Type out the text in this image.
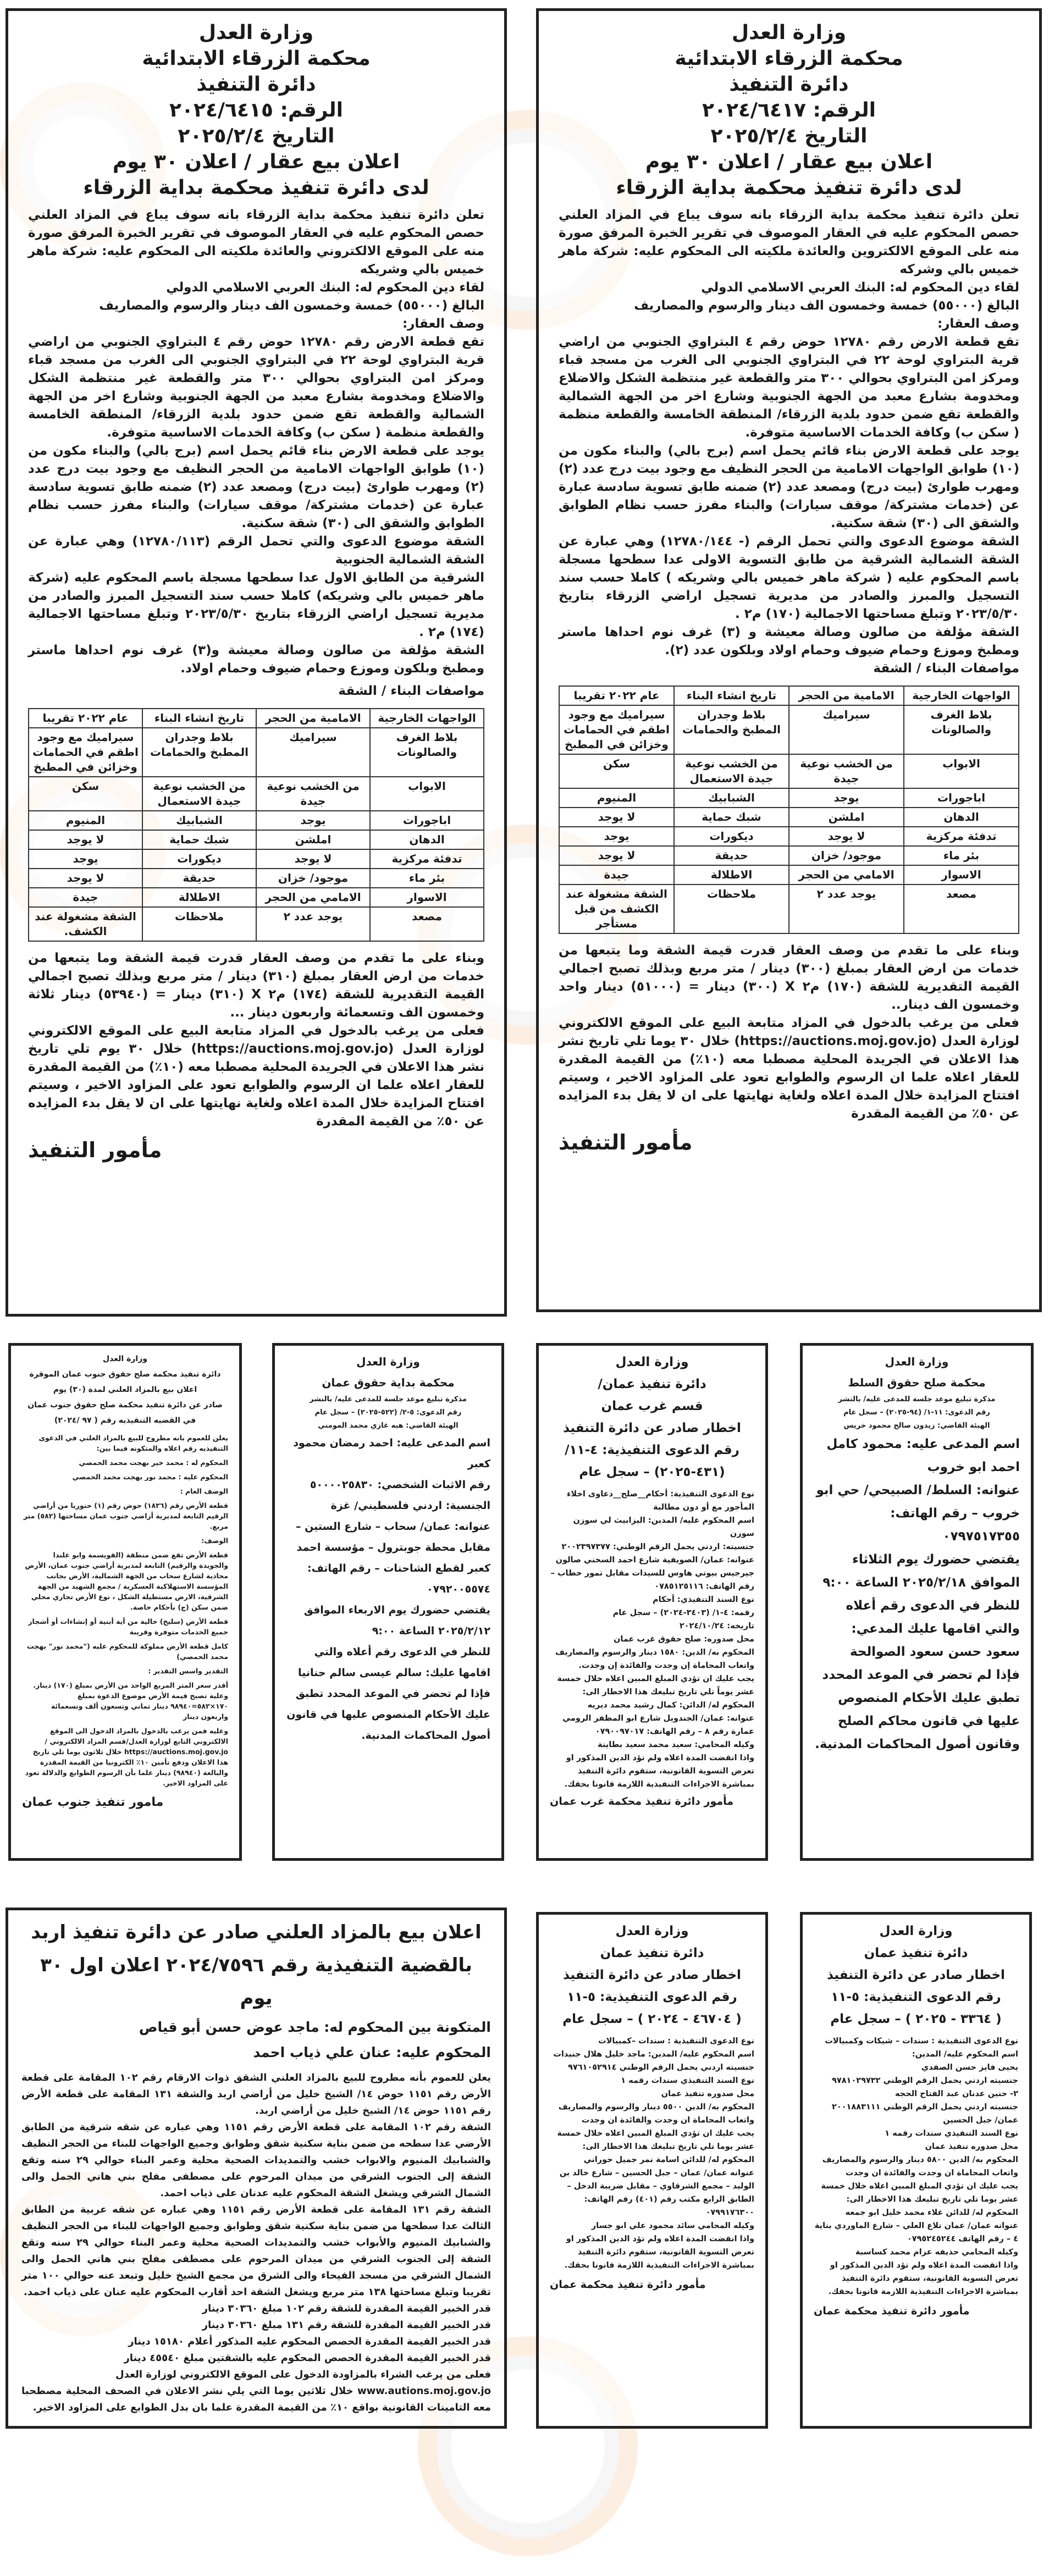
وزارة العدل
محكمة الزرقاء الابتدائية
دائرة التنفيذ
الرقم: ٢٠٢٤/٦٤١٧
التاريخ ٢٠٢٥/٢/٤
اعلان بيع عقار / اعلان ٣٠ يوم
لدى دائرة تنفيذ محكمة بداية الزرقاء
تعلن دائرة تنفيذ محكمة بداية الزرقاء بانه سوف يباع في المزاد العلني حصص المحكوم عليه في العقار الموصوف في تقرير الخبرة المرفق صورة منه على الموقع الالكتروين والعائدة ملكيته الى المحكوم عليه: شركة ماهر خميس بالي وشركه
لقاء دين المحكوم له: البنك العربي الاسلامي الدولي
البالغ (٥٥٠٠٠) خمسة وخمسون الف دينار والرسوم والمصاريف
وصف العقار:
تقع قطعة الارض رقم ١٢٧٨٠ حوض رقم ٤ البتراوي الجنوبي من اراضي قرية البتراوي لوحة ٢٢ في البتراوي الجنوبي الى الغرب من مسجد قباء ومركز امن البتراوي بحوالي ٣٠٠ متر والقطعة غير منتظمة الشكل والاضلاع ومخدومة بشارع معبد من الجهة الجنوبية وشارع اخر من الجهة الشمالية والقطعة تقع ضمن حدود بلدية الزرقاء/ المنطقة الخامسة والقطعة منظمة ( سكن ب) وكافة الخدمات الاساسية متوفرة.
يوجد على قطعة الارض بناء قائم يحمل اسم (برج بالي) والبناء مكون من (١٠) طوابق الواجهات الامامية من الحجر النظيف مع وجود بيت درج عدد (٢) ومهرب طوارئ (بيت درج) ومصعد عدد (٢) ضمنه طابق تسوية سادسة عبارة عن (خدمات مشتركة/ موقف سيارات) والبناء مفرز حسب نظام الطوابق والشقق الى (٣٠) شقة سكنية.
الشقة موضوع الدعوى والتي تحمل الرقم (- ١٢٧٨٠/١٤٤) وهي عبارة عن الشقة الشمالية الشرقية من طابق التسوية الاولى عدا سطحها مسجلة باسم المحكوم عليه ( شركة ماهر خميس بالي وشريكه ) كاملا حسب سند التسجيل والمبرز والصادر من مديرية تسجيل اراضي الزرقاء بتاريخ ٢٠٢٣/٥/٣٠ وتبلغ مساحتها الاجمالية (١٧٠) م٢ .
الشقة مؤلفة من صالون وصالة معيشة و (٣) غرف نوم احداها ماستر ومطبخ وموزع وحمام ضيوف وحمام اولاد وبلكون عدد (٢).
مواصفات البناء / الشقة
الواجهات الخارجية	الامامية من الحجر	تاريخ انشاء البناء	عام ٢٠٢٢ تقريبا
بلاط الغرف والصالونات	سيراميك	بلاط وجدران المطبخ والحمامات	سيراميك مع وجود اطقم في الحمامات وخزائن في المطبخ
الابواب	من الخشب نوعية جيدة	من الخشب نوعية جيدة الاستعمال	سكن
اباجورات	يوجد	الشبابيك	المنيوم
الدهان	املشن	شبك حماية	لا يوجد
تدفئة مركزية	لا يوجد	ديكورات	يوجد
بئر ماء	موجود/ خزان	حديقة	لا يوجد
الاسوار	الامامي من الحجر	الاطلالة	جيدة
مصعد	يوجد عدد ٢	ملاحظات	الشقة مشغولة عند الكشف من قبل مستأجر
وبناء على ما تقدم من وصف العقار قدرت قيمة الشقة وما يتبعها من خدمات من ارض العقار بمبلغ (٣٠٠) دينار / متر مربع وبذلك تصبح اجمالي القيمة التقديرية للشقة (١٧٠) م٢ X (٣٠٠) دينار = (٥١٠٠٠) دينار واحد وخمسون الف دينار..
فعلى من يرغب بالدخول في المزاد متابعة البيع على الموقع الالكتروني لوزارة العدل (https://auctions.moj.gov.jo) خلال ٣٠ يوما تلي تاريخ نشر هذا الاعلان في الجريدة المحلية مصطبا معه (١٠٪) من القيمة المقدرة للعقار اعلاه علما ان الرسوم والطوابع تعود على المزاود الاخير ، وسيتم افتتاح المزايدة خلال المدة اعلاه ولغاية نهايتها على ان لا يقل بدء المزايده عن ٥٠٪ من القيمة المقدرة
مأمور التنفيذ
وزارة العدل
محكمة الزرقاء الابتدائية
دائرة التنفيذ
الرقم: ٢٠٢٤/٦٤١٥
التاريخ ٢٠٢٥/٢/٤
اعلان بيع عقار / اعلان ٣٠ يوم
لدى دائرة تنفيذ محكمة بداية الزرقاء
تعلن دائرة تنفيذ محكمة بداية الزرقاء بانه سوف يباع في المزاد العلني حصص المحكوم عليه في العقار الموصوف في تقرير الخبرة المرفق صورة منه على الموقع الالكتروني والعائدة ملكيته الى المحكوم عليه: شركة ماهر خميس بالي وشريكه
لقاء دين المحكوم له: البنك العربي الاسلامي الدولي
البالغ (٥٥٠٠٠) خمسة وخمسون الف دينار والرسوم والمصاريف
وصف العقار:
تقع قطعة الارض رقم ١٢٧٨٠ حوض رقم ٤ البتراوي الجنوبي من اراضي قرية البتراوي لوحة ٢٢ في البتراوي الجنوبي الى الغرب من مسجد قباء ومركز امن البتراوي بحوالي ٣٠٠ متر والقطعة غير منتظمة الشكل والاضلاع ومخدومة بشارع معبد من الجهة الجنوبية وشارع اخر من الجهة الشمالية والقطعة تقع ضمن حدود بلدية الزرقاء/ المنطقة الخامسة والقطعة منظمة ( سكن ب) وكافة الخدمات الاساسية متوفرة.
يوجد على قطعة الارض بناء قائم يحمل اسم (برج بالي) والبناء مكون من (١٠) طوابق الواجهات الامامية من الحجر النظيف مع وجود بيت درج عدد (٢) ومهرب طوارئ (بيت درج) ومصعد عدد (٢) ضمنه طابق تسوية سادسة عبارة عن (خدمات مشتركة/ موقف سيارات) والبناء مفرز حسب نظام الطوابق والشقق الى (٣٠) شقة سكنية.
الشقة موضوع الدعوى والتي تحمل الرقم (١٢٧٨٠/١١٣) وهي عبارة عن الشقة الشمالية الجنوبية
الشرقية من الطابق الاول عدا سطحها مسجلة باسم المحكوم عليه (شركة ماهر خميس بالي وشريكه) كاملا حسب سند التسجيل المبرز والصادر من مديرية تسجيل اراضي الزرقاء بتاريخ ٢٠٢٣/٥/٣٠ وتبلغ مساحتها الاجمالية (١٧٤) م٢ .
الشقة مؤلفة من صالون وصالة معيشة و(٣) غرف نوم احداها ماستر ومطبخ وبلكون وموزع وحمام ضيوف وحمام اولاد.
مواصفات البناء / الشقة
الواجهات الخارجية	الامامية من الحجر	تاريخ انشاء البناء	عام ٢٠٢٢ تقريبا
بلاط الغرف والصالونات	سيراميك	بلاط وجدران المطبخ والحمامات	سيراميك مع وجود اطقم في الحمامات وخزائن في المطبخ
الابواب	من الخشب نوعية جيدة	من الخشب نوعية جيدة الاستعمال	سكن
اباجورات	يوجد	الشبابيك	المنيوم
الدهان	املشن	شبك حماية	لا يوجد
تدفئة مركزية	لا يوجد	ديكورات	يوجد
بئر ماء	موجود/ خزان	حديقة	لا يوجد
الاسوار	الامامي من الحجر	الاطلالة	جيدة
مصعد	يوجد عدد ٢	ملاحظات	الشقة مشغولة عند الكشف.
وبناء على ما تقدم من وصف العقار قدرت قيمة الشقة وما يتبعها من خدمات من ارض العقار بمبلغ (٣١٠) دينار / متر مربع وبذلك تصبح اجمالي القيمة التقديرية للشقة (١٧٤) م٢ X (٣١٠) دينار = (٥٣٩٤٠) دينار ثلاثة وخمسون الف وتسعمائة واربعون دينار ...
فعلى من يرغب بالدخول في المزاد متابعة البيع على الموقع الالكتروني لوزارة العدل (https://auctions.moj.gov.jo) خلال ٣٠ يوم تلي تاريخ نشر هذا الاعلان في الجريدة المحلية مصطبا معه (١٠٪) من القيمة المقدرة للعقار اعلاه علما ان الرسوم والطوابع تعود على المزاود الاخير ، وسيتم افتتاح المزايدة خلال المدة اعلاه ولغاية نهايتها على ان لا يقل بدء المزايده عن ٥٠٪ من القيمة المقدرة
مأمور التنفيذ
وزارة العدل
محكمة صلح حقوق السلط
مذكرة تبليغ موعد جلسة للمدعى عليه/ بالنشر
رقم الدعوى: ١١-١/ (٩٤-٢٠٢٥) – سجل عام
الهيئة القاضي: زيدون صالح محمود خريس
اسم المدعى عليه: محمود كامل احمد ابو خروب
عنوانه: السلط/ الصبيحي/ حي ابو خروب – رقم الهاتف: ٠٧٩٧٥١٧٣٥٥
يقتضي حضورك يوم الثلاثاء الموافق ٢٠٢٥/٢/١٨ الساعة ٩:٠٠ للنظر في الدعوى رقم أعلاه والتي اقامها عليك المدعي: سعود حسن سعود الصوالحة
فإذا لم تحضر في الموعد المحدد تطبق عليك الأحكام المنصوص عليها في قانون محاكم الصلح وقانون أصول المحاكمات المدنية.
وزارة العدل
دائرة تنفيذ عمان/
قسم غرب عمان
اخطار صادر عن دائرة التنفيذ
رقم الدعوى التنفيذية: ٤-١١/
(٤٣١-٢٠٢٥) – سجل عام
نوع الدعوى التنفيذية: أحكام__صلح__دعاوى اخلاء المأجور مع أو دون مطالبة
اسم المحكوم عليه/ المدين: اليزابيث لي سوزن سوزن
جنسيته: اردني يحمل الرقم الوطني: ٢٠٠٢٣٩٧٣٧٧
عنوانه: عمان/ الصويفية شارع احمد السخني صالون جيرجيس بيوتي هاوس للسيدات مقابل تمور خطاب – رقم الهاتف: ٠٧٨٥١٢٥١١٦
نوع السند التنفيذي: أحكام
رقمه: ٤-١/ (٣٤٠٣-٢٠٢٤) – سجل عام
تاريخه: ٢٠٢٤/١٠/٢٤
محل صدوره: صلح حقوق غرب عمان
المحكوم به/ الدين: ١٥٨٠ دينار والرسوم والمصاريف واتعاب المحاماة إن وجدت والفائدة إن وجدت.
يجب عليك ان تؤدي المبلغ المبين اعلاه خلال خمسة عشر يوماً تلي تاريخ تبليغك هذا الاخطار الى:
المحكوم له/ الدائن: كمال رشيد محمد ديريه
عنوانه: عمان/ الجندويل شارع ابو المظفر الرومي عمارة رقم ٨ – رقم الهاتف: ٠٧٩٠٠٩٧٠١٧
وكيله المحامي: سعيد محمد سعيد بطاينة
واذا انقضت المدة اعلاه ولم تؤد الدين المذكور او تعرض التسوية القانونية، ستقوم دائرة التنفيذ بمباشرة الاجراءات التنفيذية اللازمة قانونا بحقك.
مأمور دائرة تنفيذ محكمة غرب عمان
وزارة العدل
محكمة بداية حقوق عمان
مذكرة تبليغ موعد جلسة للمدعى عليه/ بالنشر
رقم الدعوى: ٥-٢/ (٥٢٢-٢٠٢٥) – سجل عام
الهيئة القاضي: هبه غازي محمد المومني
اسم المدعى عليه: احمد رمضان محمود كعبر
رقم الاثبات الشخصي: ٥٠٠٠٠٢٥٨٣٠
الجنسية: اردني فلسطيني/ غزة
عنوانه: عمان/ سحاب – شارع الستين – مقابل محطة جوبترول – مؤسسة احمد كعبر لقطع الشاحنات – رقم الهاتف: ٠٧٩٢٠٠٥٥٧٤
يقتضي حضورك يوم الاربعاء الموافق ٢٠٢٥/٢/١٢ الساعة ٩:٠٠
للنظر في الدعوى رقم أعلاه والتي اقامها عليك: سالم عيسى سالم حنانيا
فإذا لم تحضر في الموعد المحدد تطبق عليك الأحكام المنصوص عليها في قانون أصول المحاكمات المدنية.
وزارة العدل
دائرة تنفيذ محكمة صلح حقوق جنوب عمان الموقرة
اعلان بيع بالمزاد العلني لمدة (٣٠) يوم
صادر عن دائرة تنفيذ محكمة صلح حقوق جنوب عمان
في القضيه التنفيذيه رقم ( ٩٧ /٢٠٢٤)
يعلن للعموم بانه مطروح للبيع بالمزاد العلني في الدعوى التنفيذيه رقم اعلاه والمتكونه فيما بين:
المحكوم له : محمد خير بهجت محمد الحمصي
المحكوم عليه : محمد نور بهجت محمد الحمصي
الوصف العام :
قطعة الأرض رقم (١٨٢٦) حوض رقم (١) حنوريا من أراضي الرقيم التابعة لمديرية أراضي جنوب عمان مساحتها (٥٨٢) متر مربع.
الوصف:
قطعة الأرض تقع ضمن منطقة (القويسمة وابو علندا والجويدة والرقيم) التابعة لمديرية أراضي جنوب عمان، الأرض محاذية لشارع سحاب من الجهة الشمالية، الأرض بجانب المؤسسة الاستهلاكية العسكرية / مجمع الشهيد من الجهة الشرقية، الارض مستطيلة الشكل ، نوع الأرض تجاري محلي ضمن سكن (ج) بأحكام خاصة.
قطعة الأرض (سليخ) خالية من أية أبنية أو إنشاءات أو أشجار جميع الخدمات متوفرة وقريبة
كامل قطعة الأرض مملوكة للمحكوم عليه ("محمد نور" بهجت محمد الحمصي)
التقدير واسس التقدير :
أقدر سعر المتر المربع الواحد من الأرض بمبلغ (١٧٠) دينار. وعلية تصبح قيمة الأرض موضوع الدعوة بمبلغ ١٧٠×٥٨٢=٩٨٩٤٠ دينار ثماني وتسعون ألف وتسعمائة واربعون دينار
وعليه فمن يرغب بالدخول بالمزاد الدخول الى الموقع الالكتروني التابع لوزارة العدل/قسم المزاد الالكتروني / https://auctions.moj.gov.jo خلال ثلاثون يوما تلي تاريخ هذا الاعلان ودفع تأمين ١٠٪ الكترونيا من القيمة المقدرة والبالغة (٩٨٩٤٠) دينار علما بأن الرسوم الطوابع والدلالة تعود على المزاود الاخير.
مامور تنفيذ جنوب عمان
وزارة العدل
دائرة تنفيذ عمان
اخطار صادر عن دائرة التنفيذ
رقم الدعوى التنفيذية: ٥-١١
( ٣٣٦٤ - ٢٠٢٥ ) – سجل عام
نوع الدعوى التنفيذية : سندات – شيكات وكمبيالات
اسم المحكوم عليه/ المدين:
يحيى فايز حسن الصفدي
جنسيته اردني يحمل الرقم الوطني ٩٧٨١٠٢٩٧٣٢
٢- حنين عدنان عبد الفتاح الحجه
جنسيته اردني يحمل الرقم الوطني ٢٠٠١٨٨٣١١١
عمان/ جبل الحسين
نوع السند التنفيذي سندات رقمه ١
محل صدوره تنفيذ عمان
المحكوم به/ الدين ٥٨٠٠ دينار والرسوم والمصاريف واتعاب المحاماة ان وجدت والفائدة ان وجدت
يجب عليك ان تؤدي المبلغ المبين اعلاه خلال خمسة عشر يوما تلي تاريخ تبليغك هذا الاخطار الى:
المحكوم له/ للدائن علاء محمد خليل ابو جمعه
عنوانه عمان/ عمان تلاع العلي – شارع الماوردي بناية ٤ – رقم الهاتف ٠٧٩٥٢٤٥٢٤٤
وكيله المحامي حذيفه عزام محمد كساسبة
واذا انقضت المدة اعلاه ولم تؤد الدين المذكور او تعرض التسوية القانونية، ستقوم دائرة التنفيذ بمباشرة الاجراءات التنفيذية اللازمة قانونا بحقك.
مأمور دائرة تنفيذ محكمة عمان
وزارة العدل
دائرة تنفيذ عمان
اخطار صادر عن دائرة التنفيذ
رقم الدعوى التنفيذية: ٥-١١
( ٤٦٧٠٤ - ٢٠٢٤ ) – سجل عام
نوع الدعوى التنفيذية : سندات –كمبيالات
اسم المحكوم عليه/ المدين: ماجد خليل هلال جنيدات
جنسيته اردني يحمل الرقم الوطني ٩٧٦١٠٥٢٩١٤
نوع السند التنفيذي سندات رقمه ١
محل صدوره تنفيذ عمان
المحكوم به/ الدين ٥٥٠٠ دينار والرسوم والمصاريف واتعاب المحاماة ان وجدت والفائدة ان وجدت
يجب عليك ان تؤدي المبلغ المبين اعلاه خلال خمسة عشر يوما تلي تاريخ تبليغك هذا الاخطار الى:
المحكوم له/ للدائن اسامة نمر جميل حوراني
عنوانه عمان/ عمان – جبل الحسين – شارع خالد بن الوليد – مجمع الشرقاوي – مقابل ضريبة الدخل – الطابق الرابع مكتب رقم (٤٠١) رقم الهاتف: ٠٧٩٩١٧٦٣٠٠
وكيله المحامي سائد محمود علي ابو جسار
واذا انقضت المدة اعلاه ولم تؤد الدين المذكور او تعرض التسوية القانونية، ستقوم دائرة التنفيذ بمباشرة الاجراءات التنفيذية اللازمة قانونا بحقك.
مأمور دائرة تنفيذ محكمة عمان
اعلان بيع بالمزاد العلني صادر عن دائرة تنفيذ اربد
بالقضية التنفيذية رقم ٢٠٢٤/٧٥٩٦ اعلان اول ٣٠ يوم
المتكونة بين المحكوم له: ماجد عوض حسن أبو قياص
المحكوم عليه: عنان علي ذياب احمد
يعلن للعموم بأنه مطروح للبيع بالمزاد العلني الشقق ذوات الارقام رقم ١٠٢ المقامة على قطعة الأرض رقم ١١٥١ حوض ١٤/ الشيخ خليل من أراضي اربد والشقة ١٣١ المقامة على قطعة الأرض رقم ١١٥١ حوض ١٤/ الشيخ خليل من أراضي اربد.
الشقة رقم ١٠٢ المقامة على قطعة الأرض رقم ١١٥١ وهي عباره عن شقه شرقية من الطابق الأرضي عدا سطحه من ضمن بناية سكنية شقق وطوابق وجميع الواجهات للبناء من الحجر النظيف والشبابيك المنيوم والابواب خشب والتمديدات الصحية محلية وعمر البناء حوالي ٢٩ سنه وتقع الشقة إلى الجنوب الشرقي من ميدان المرحوم على مصطفى مفلح بني هاني الجمل والى الشمال الشرقي ويشغل الشقة المحكوم عليه عدنان على ذياب احمد.
الشقة رقم ١٣١ المقامة على قطعة الأرض رقم ١١٥١ وهي عباره عن شقه عربية من الطابق الثالث عدا سطحها من ضمن بناية سكنية شقق وطوابق وجميع الواجهات للبناء من الحجر النظيف والشبابيك المنيوم والأبواب خشب والتمديدات الصحية محلية وعمر البناء حوالي ٢٩ سنه وتقع الشقة إلى الجنوب الشرقي من ميدان المرحوم على مصطفى مفلح بني هاني الحمل والى الشمال الشرقي من مسجد الفيحاء والى الشرق من مجمع الشيخ خليل وتبعد عنه حوالي ١٠٠ متر تقريبا وتبلغ مساحتها ١٣٨ متر مربع ويشغل الشقة احد أقارب المحكوم عليه عنان على ذياب احمد.
قدر الخبير القيمة المقدرة للشقة رقم ١٠٢ مبلغ ٣٠٣٦٠ دينار
قدر الخبير القيمة المقدرة للشقة رقم ١٣١ مبلغ ٣٠٣٦٠ دينار
قدر الخبير القيمة المقدرة الحصص المحكوم عليه المذكور أعلام ١٥١٨٠ دينار
قدر الخبير القيمة المقدرة الحصص المحكوم عليه بالشقتين مبلغ ٤٥٥٤٠ دينار
فعلى من يرغب الشراء بالمزاودة الدخول على الموقع الالكتروني لوزارة العدل
www.autions.moj.gov.jo خلال ثلاثين يوما التي يلي نشر الاعلان في الصحف المحلية مصطحبا معه التامينات القانونية بواقع ١٠٪ من القيمة المقدرة علما بان بدل الطوابع على المزاود الاخير.
